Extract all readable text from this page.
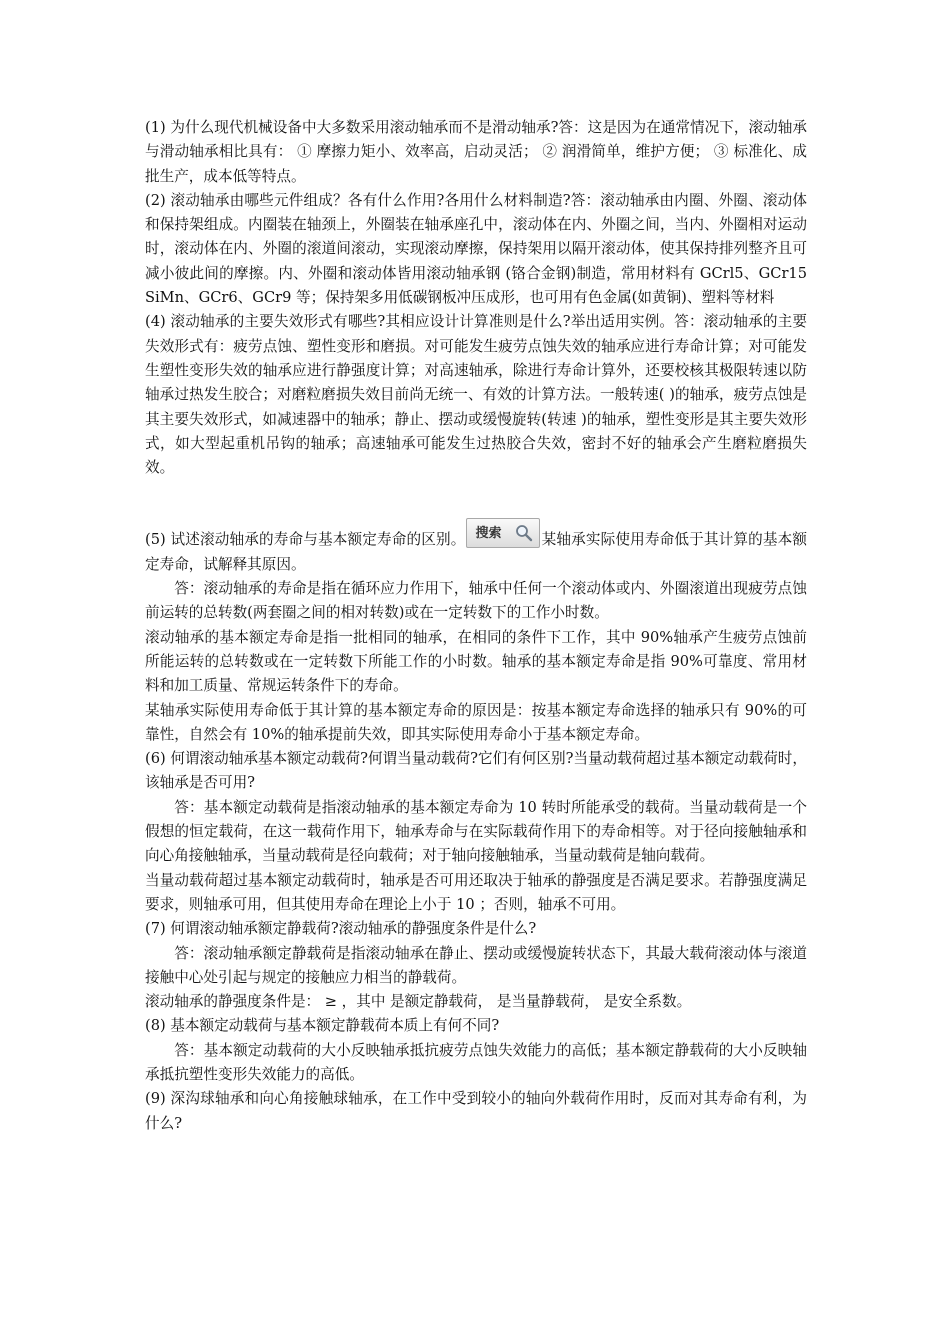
(1) 为什么现代机械设备中大多数采用滚动轴承而不是滑动轴承?答：这是因为在通常情况下，滚动轴承与滑动轴承相比具有： ① 摩擦力矩小、效率高，启动灵活； ② 润滑简单，维护方便； ③ 标准化、成批生产，成本低等特点。

(2) 滚动轴承由哪些元件组成？各有什么作用?各用什么材料制造?答：滚动轴承由内圈、外圈、滚动体和保持架组成。内圈装在轴颈上，外圈装在轴承座孔中，滚动体在内、外圈之间，当内、外圈相对运动时，滚动体在内、外圈的滚道间滚动，实现滚动摩擦，保持架用以隔开滚动体，使其保持排列整齐且可减小彼此间的摩擦。内、外圈和滚动体皆用滚动轴承钢 (铬合金钢)制造，常用材料有 GCrl5、GCr15SiMn、GCr6、GCr9 等；保持架多用低碳钢板冲压成形，也可用有色金属(如黄铜)、塑料等材料

(4) 滚动轴承的主要失效形式有哪些?其相应设计计算准则是什么?举出适用实例。答：滚动轴承的主要失效形式有：疲劳点蚀、塑性变形和磨损。对可能发生疲劳点蚀失效的轴承应进行寿命计算；对可能发生塑性变形失效的轴承应进行静强度计算；对高速轴承，除进行寿命计算外，还要校核其极限转速以防轴承过热发生胶合；对磨粒磨损失效目前尚无统一、有效的计算方法。一般转速( )的轴承，疲劳点蚀是其主要失效形式，如减速器中的轴承；静止、摆动或缓慢旋转(转速 )的轴承，塑性变形是其主要失效形式，如大型起重机吊钩的轴承；高速轴承可能发生过热胶合失效，密封不好的轴承会产生磨粒磨损失效。

(5) 试述滚动轴承的寿命与基本额定寿命的区别。 搜索	某轴承实际使用寿命低于其计算的基本额定寿命，试解释其原因。

答：滚动轴承的寿命是指在循环应力作用下，轴承中任何一个滚动体或内、外圈滚道出现疲劳点蚀前运转的总转数(两套圈之间的相对转数)或在一定转数下的工作小时数。

滚动轴承的基本额定寿命是指一批相同的轴承，在相同的条件下工作，其中 90%轴承产生疲劳点蚀前所能运转的总转数或在一定转数下所能工作的小时数。轴承的基本额定寿命是指 90%可靠度、常用材料和加工质量、常规运转条件下的寿命。

某轴承实际使用寿命低于其计算的基本额定寿命的原因是：按基本额定寿命选择的轴承只有 90%的可靠性，自然会有 10%的轴承提前失效，即其实际使用寿命小于基本额定寿命。

(6) 何谓滚动轴承基本额定动载荷?何谓当量动载荷?它们有何区别?当量动载荷超过基本额定动载荷时，该轴承是否可用?

答：基本额定动载荷是指滚动轴承的基本额定寿命为 10 转时所能承受的载荷。当量动载荷是一个假想的恒定载荷，在这一载荷作用下，轴承寿命与在实际载荷作用下的寿命相等。对于径向接触轴承和向心角接触轴承，当量动载荷是径向载荷；对于轴向接触轴承，当量动载荷是轴向载荷。

当量动载荷超过基本额定动载荷时，轴承是否可用还取决于轴承的静强度是否满足要求。若静强度满足要求，则轴承可用，但其使用寿命在理论上小于 10 ；否则，轴承不可用。

(7) 何谓滚动轴承额定静载荷?滚动轴承的静强度条件是什么?

答：滚动轴承额定静载荷是指滚动轴承在静止、摆动或缓慢旋转状态下，其最大载荷滚动体与滚道接触中心处引起与规定的接触应力相当的静载荷。

滚动轴承的静强度条件是： ≥ ，其中 是额定静载荷， 是当量静载荷， 是安全系数。

(8) 基本额定动载荷与基本额定静载荷本质上有何不同?

答：基本额定动载荷的大小反映轴承抵抗疲劳点蚀失效能力的高低；基本额定静载荷的大小反映轴承抵抗塑性变形失效能力的高低。

(9) 深沟球轴承和向心角接触球轴承，在工作中受到较小的轴向外载荷作用时，反而对其寿命有利，为什么?
